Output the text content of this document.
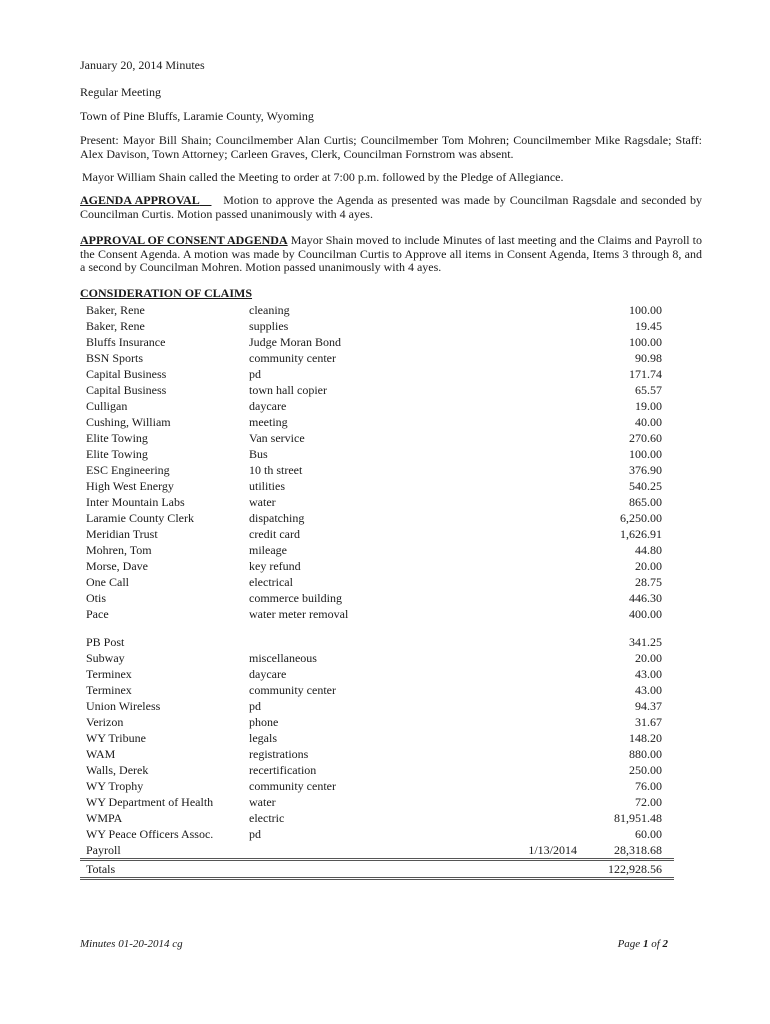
January 20, 2014 Minutes
Regular Meeting
Town of Pine Bluffs, Laramie County, Wyoming
Present: Mayor Bill Shain; Councilmember Alan Curtis; Councilmember Tom Mohren; Councilmember Mike Ragsdale; Staff: Alex Davison, Town Attorney; Carleen Graves, Clerk, Councilman Fornstrom was absent.
Mayor William Shain called the Meeting to order at 7:00 p.m. followed by the Pledge of Allegiance.
AGENDA APPROVAL Motion to approve the Agenda as presented was made by Councilman Ragsdale and seconded by Councilman Curtis. Motion passed unanimously with 4 ayes.
APPROVAL OF CONSENT ADGENDA Mayor Shain moved to include Minutes of last meeting and the Claims and Payroll to the Consent Agenda. A motion was made by Councilman Curtis to Approve all items in Consent Agenda, Items 3 through 8, and a second by Councilman Mohren. Motion passed unanimously with 4 ayes.
CONSIDERATION OF CLAIMS
Baker, Rene	cleaning		100.00
Baker, Rene	supplies		19.45
Bluffs Insurance	Judge Moran Bond		100.00
BSN Sports	community center		90.98
Capital Business	pd		171.74
Capital Business	town hall copier		65.57
Culligan	daycare		19.00
Cushing, William	meeting		40.00
Elite Towing	Van service		270.60
Elite Towing	Bus		100.00
ESC Engineering	10 th street		376.90
High West Energy	utilities		540.25
Inter Mountain Labs	water		865.00
Laramie County Clerk	dispatching		6,250.00
Meridian Trust	credit card		1,626.91
Mohren, Tom	mileage		44.80
Morse, Dave	key refund		20.00
One Call	electrical		28.75
Otis	commerce building		446.30
Pace	water meter removal		400.00

PB Post			341.25
Subway	miscellaneous		20.00
Terminex	daycare		43.00
Terminex	community center		43.00
Union Wireless	pd		94.37
Verizon	phone		31.67
WY Tribune	legals		148.20
WAM	registrations		880.00
Walls, Derek	recertification		250.00
WY Trophy	community center		76.00
WY Department of Health	water		72.00
WMPA	electric		81,951.48
WY Peace Officers Assoc.	pd		60.00
Payroll		1/13/2014	28,318.68
Totals			122,928.56
Minutes 01-20-2014 cg	Page 1 of 2
